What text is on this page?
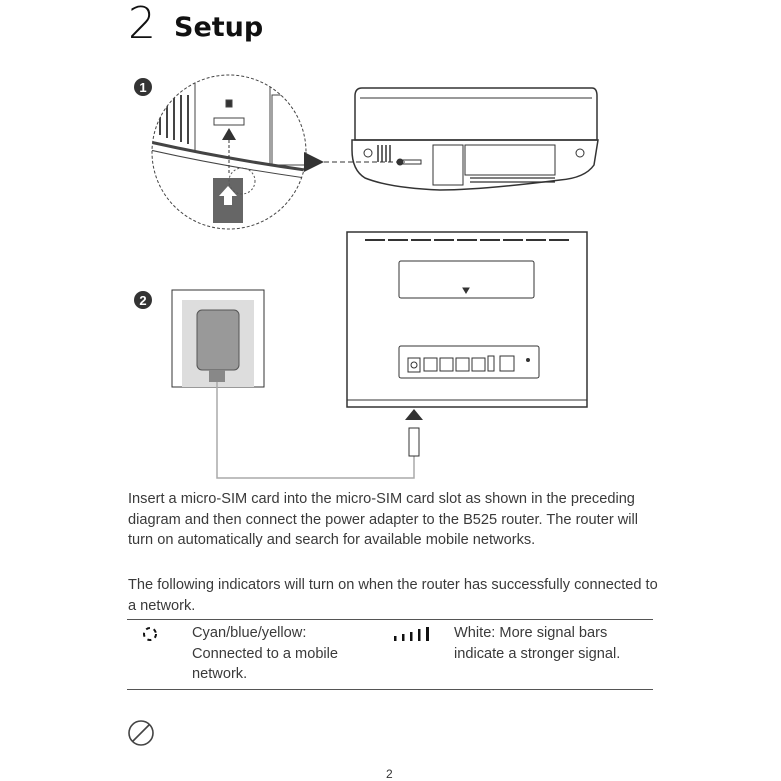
2 Setup
1
2

Insert a micro-SIM card into the micro-SIM card slot as shown in the preceding diagram and then connect the power adapter to the B525 router. The router will turn on automatically and search for available mobile networks.

The following indicators will turn on when the router has successfully connected to a network.

Cyan/blue/yellow: Connected to a mobile network.
White: More signal bars indicate a stronger signal.
2
